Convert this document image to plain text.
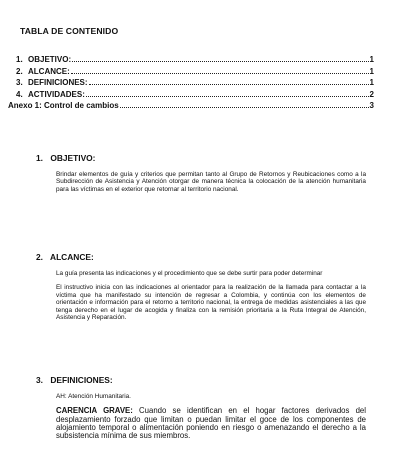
TABLA DE CONTENIDO
1. OBJETIVO:	1
2. ALCANCE:	1
3. DEFINICIONES:	1
4. ACTIVIDADES:	2
Anexo 1: Control de cambios	3
1. OBJETIVO:

Brindar elementos de guía y criterios que permitan tanto al Grupo de Retornos y Reubicaciones como a la Subdirección de Asistencia y Atención otorgar de manera técnica la colocación de la atención humanitaria para las víctimas en el exterior que retornar al territorio nacional.

2. ALCANCE:

La guía presenta las indicaciones y el procedimiento que se debe surtir para poder determinar

El instructivo inicia con las indicaciones al orientador para la realización de la llamada para contactar a la víctima que ha manifestado su intención de regresar a Colombia, y continúa con los elementos de orientación e información para el retorno a territorio nacional, la entrega de medidas asistenciales a las que tenga derecho en el lugar de acogida y finaliza con la remisión prioritaria a la Ruta Integral de Atención, Asistencia y Reparación.

3. DEFINICIONES:

AH: Atención Humanitaria.

CARENCIA GRAVE: Cuando se identifican en el hogar factores derivados del desplazamiento forzado que limitan o puedan limitar el goce de los componentes de alojamiento temporal o alimentación poniendo en riesgo o amenazando el derecho a la subsistencia mínima de sus miembros.
